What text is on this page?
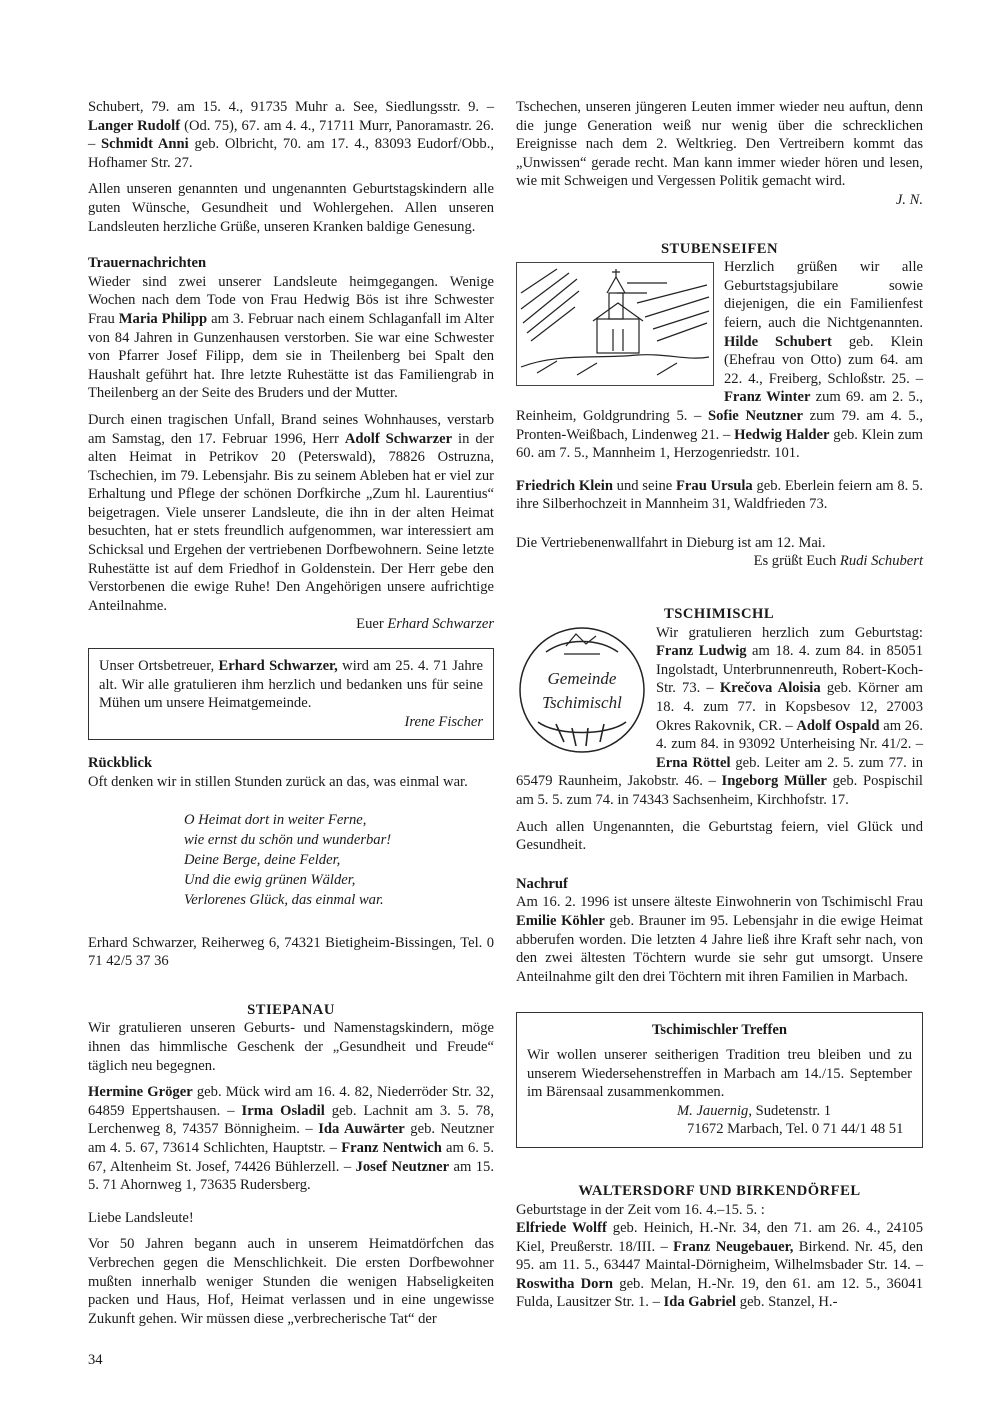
Schubert, 79. am 15. 4., 91735 Muhr a. See, Siedlungsstr. 9. – Langer Rudolf (Od. 75), 67. am 4. 4., 71711 Murr, Panoramastr. 26. – Schmidt Anni geb. Olbricht, 70. am 17. 4., 83093 Eudorf/Obb., Hofhamer Str. 27.

Allen unseren genannten und ungenannten Geburtstagskindern alle guten Wünsche, Gesundheit und Wohlergehen. Allen unseren Landsleuten herzliche Grüße, unseren Kranken baldige Genesung.

Trauernachrichten

Wieder sind zwei unserer Landsleute heimgegangen. Wenige Wochen nach dem Tode von Frau Hedwig Bös ist ihre Schwester Frau Maria Philipp am 3. Februar nach einem Schlaganfall im Alter von 84 Jahren in Gunzenhausen verstorben. Sie war eine Schwester von Pfarrer Josef Filipp, dem sie in Theilenberg bei Spalt den Haushalt geführt hat. Ihre letzte Ruhestätte ist das Familiengrab in Theilenberg an der Seite des Bruders und der Mutter.

Durch einen tragischen Unfall, Brand seines Wohnhauses, verstarb am Samstag, den 17. Februar 1996, Herr Adolf Schwarzer in der alten Heimat in Petrikov 20 (Peterswald), 78826 Ostruzna, Tschechien, im 79. Lebensjahr. Bis zu seinem Ableben hat er viel zur Erhaltung und Pflege der schönen Dorfkirche „Zum hl. Laurentius“ beigetragen. Viele unserer Landsleute, die ihn in der alten Heimat besuchten, hat er stets freundlich aufgenommen, war interessiert am Schicksal und Ergehen der vertriebenen Dorfbewohnern. Seine letzte Ruhestätte ist auf dem Friedhof in Goldenstein. Der Herr gebe den Verstorbenen die ewige Ruhe! Den Angehörigen unsere aufrichtige Anteilnahme.

Euer Erhard Schwarzer
Unser Ortsbetreuer, Erhard Schwarzer, wird am 25. 4. 71 Jahre alt. Wir alle gratulieren ihm herzlich und bedanken uns für seine Mühen um unsere Heimatgemeinde.
Irene Fischer
Rückblick
Oft denken wir in stillen Stunden zurück an das, was einmal war.
O Heimat dort in weiter Ferne,
wie ernst du schön und wunderbar!
Deine Berge, deine Felder,
Und die ewig grünen Wälder,
Verlorenes Glück, das einmal war.

Erhard Schwarzer, Reiherweg 6, 74321 Bietigheim-Bissingen, Tel. 0 71 42/5 37 36

STIEPANAU

Wir gratulieren unseren Geburts- und Namenstagskindern, möge ihnen das himmlische Geschenk der „Gesundheit und Freude“ täglich neu begegnen.

Hermine Gröger geb. Mück wird am 16. 4. 82, Niederröder Str. 32, 64859 Eppertshausen. – Irma Osladil geb. Lachnit am 3. 5. 78, Lerchenweg 8, 74357 Bönnigheim. – Ida Auwärter geb. Neutzner am 4. 5. 67, 73614 Schlichten, Hauptstr. – Franz Nentwich am 6. 5. 67, Altenheim St. Josef, 74426 Bühlerzell. – Josef Neutzner am 15. 5. 71 Ahornweg 1, 73635 Rudersberg.

Liebe Landsleute!

Vor 50 Jahren begann auch in unserem Heimatdörfchen das Verbrechen gegen die Menschlichkeit. Die ersten Dorfbewohner mußten innerhalb weniger Stunden die wenigen Habseligkeiten packen und Haus, Hof, Heimat verlassen und in eine ungewisse Zukunft gehen. Wir müssen diese „verbrecherische Tat“ der

Tschechen, unseren jüngeren Leuten immer wieder neu auftun, denn die junge Generation weiß nur wenig über die schrecklichen Ereignisse nach dem 2. Weltkrieg. Den Vertreibern kommt das „Unwissen“ gerade recht. Man kann immer wieder hören und lesen, wie mit Schweigen und Vergessen Politik gemacht wird.

J. N.
STUBENSEIFEN

Herzlich grüßen wir alle Geburtstagsjubilare sowie diejenigen, die ein Familienfest feiern, auch die Nichtgenannten. Hilde Schubert geb. Klein (Ehefrau von Otto) zum 64. am 22. 4., Freiberg, Schloßstr. 25. – Franz Winter zum 69. am 2. 5., Reinheim, Goldgrundring 5. – Sofie Neutzner zum 79. am 4. 5., Pronten-Weißbach, Lindenweg 21. – Hedwig Halder geb. Klein zum 60. am 7. 5., Mannheim 1, Herzogenriedstr. 101.

Friedrich Klein und seine Frau Ursula geb. Eberlein feiern am 8. 5. ihre Silberhochzeit in Mannheim 31, Waldfrieden 73.

Die Vertriebenenwallfahrt in Dieburg ist am 12. Mai.
Es grüßt Euch Rudi Schubert
TSCHIMISCHL
Gemeinde
Tschimischl

Wir gratulieren herzlich zum Geburtstag: Franz Ludwig am 18. 4. zum 84. in 85051 Ingolstadt, Unterbrunnenreuth, Robert-Koch-Str. 73. – Krečova Aloisia geb. Körner am 18. 4. zum 77. in Kopsbesov 12, 27003 Okres Rakovnik, CR. – Adolf Ospald am 26. 4. zum 84. in 93092 Unterheising Nr. 41/2. – Erna Röttel geb. Leiter am 2. 5. zum 77. in 65479 Raunheim, Jakobstr. 46. – Ingeborg Müller geb. Pospischil am 5. 5. zum 74. in 74343 Sachsenheim, Kirchhofstr. 17.

Auch allen Ungenannten, die Geburtstag feiern, viel Glück und Gesundheit.

Nachruf

Am 16. 2. 1996 ist unsere älteste Einwohnerin von Tschimischl Frau Emilie Köhler geb. Brauner im 95. Lebensjahr in die ewige Heimat abberufen worden. Die letzten 4 Jahre ließ ihre Kraft sehr nach, von den zwei ältesten Töchtern wurde sie sehr gut umsorgt. Unsere Anteilnahme gilt den drei Töchtern mit ihren Familien in Marbach.

Tschimischler Treffen
Wir wollen unserer seitherigen Tradition treu bleiben und zu unserem Wiedersehenstreffen in Marbach am 14./15. September im Bärensaal zusammenkommen.
M. Jauernig, Sudetenstr. 1
71672 Marbach, Tel. 0 71 44/1 48 51
WALTERSDORF UND BIRKENDÖRFEL
Geburtstage in der Zeit vom 16. 4.–15. 5. :

Elfriede Wolff geb. Heinich, H.-Nr. 34, den 71. am 26. 4., 24105 Kiel, Preußerstr. 18/III. – Franz Neugebauer, Birkend. Nr. 45, den 95. am 11. 5., 63447 Maintal-Dörnigheim, Wilhelmsbader Str. 14. – Roswitha Dorn geb. Melan, H.-Nr. 19, den 61. am 12. 5., 36041 Fulda, Lausitzer Str. 1. – Ida Gabriel geb. Stanzel, H.-

34
